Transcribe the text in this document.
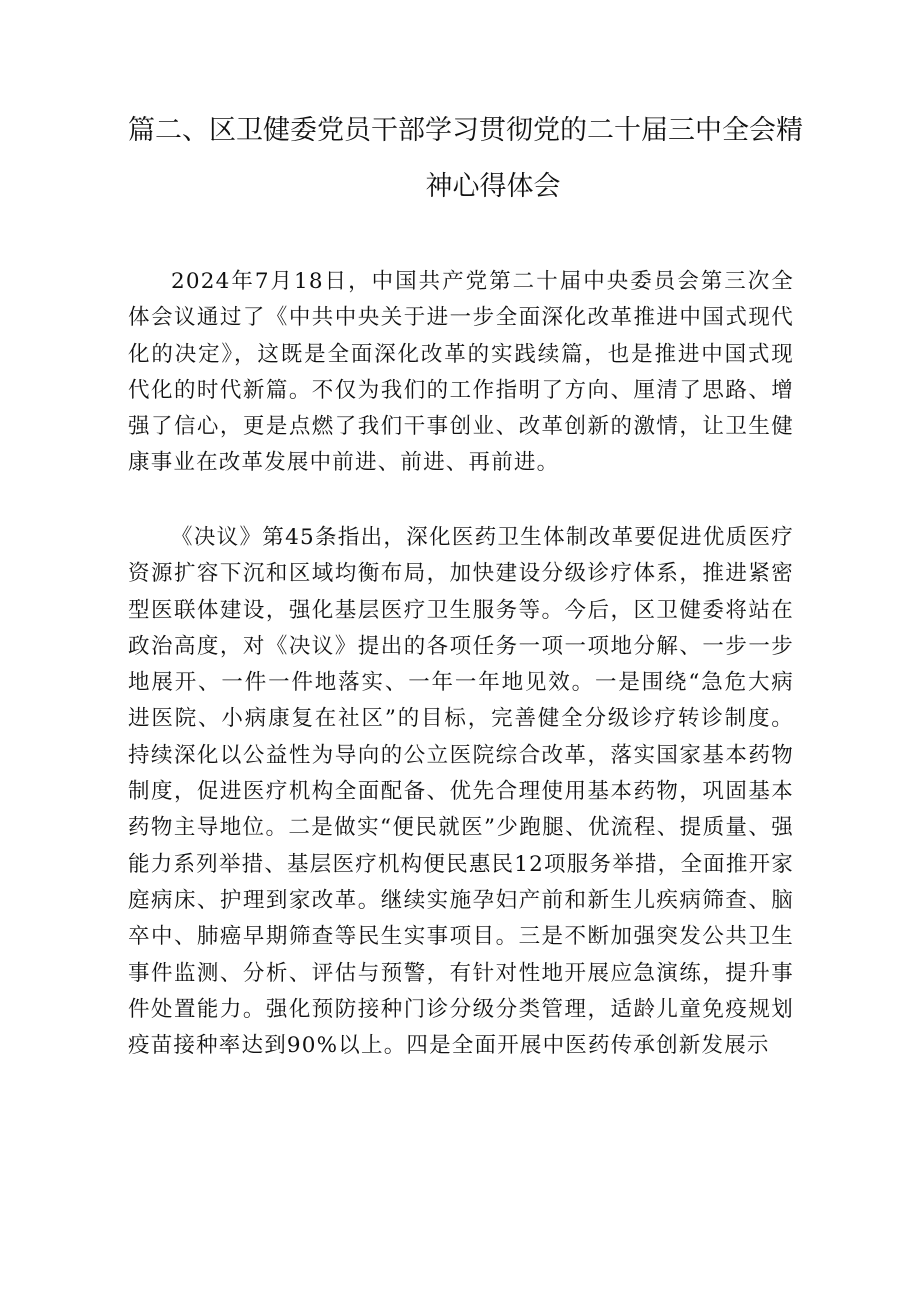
篇二、区卫健委党员干部学习贯彻党的二十届三中全会精
神心得体会

2024年7月18日，中国共产党第二十届中央委员会第三次全体会议通过了《中共中央关于进一步全面深化改革推进中国式现代化的决定》，这既是全面深化改革的实践续篇，也是推进中国式现代化的时代新篇。不仅为我们的工作指明了方向、厘清了思路、增强了信心，更是点燃了我们干事创业、改革创新的激情，让卫生健康事业在改革发展中前进、前进、再前进。

《决议》第45条指出，深化医药卫生体制改革要促进优质医疗资源扩容下沉和区域均衡布局，加快建设分级诊疗体系，推进紧密型医联体建设，强化基层医疗卫生服务等。今后，区卫健委将站在政治高度，对《决议》提出的各项任务一项一项地分解、一步一步地展开、一件一件地落实、一年一年地见效。一是围绕“急危大病进医院、小病康复在社区”的目标，完善健全分级诊疗转诊制度。持续深化以公益性为导向的公立医院综合改革，落实国家基本药物制度，促进医疗机构全面配备、优先合理使用基本药物，巩固基本药物主导地位。二是做实“便民就医”少跑腿、优流程、提质量、强能力系列举措、基层医疗机构便民惠民12项服务举措，全面推开家庭病床、护理到家改革。继续实施孕妇产前和新生儿疾病筛查、脑卒中、肺癌早期筛查等民生实事项目。三是不断加强突发公共卫生事件监测、分析、评估与预警，有针对性地开展应急演练，提升事件处置能力。强化预防接种门诊分级分类管理，适龄儿童免疫规划疫苗接种率达到90%以上。四是全面开展中医药传承创新发展示
